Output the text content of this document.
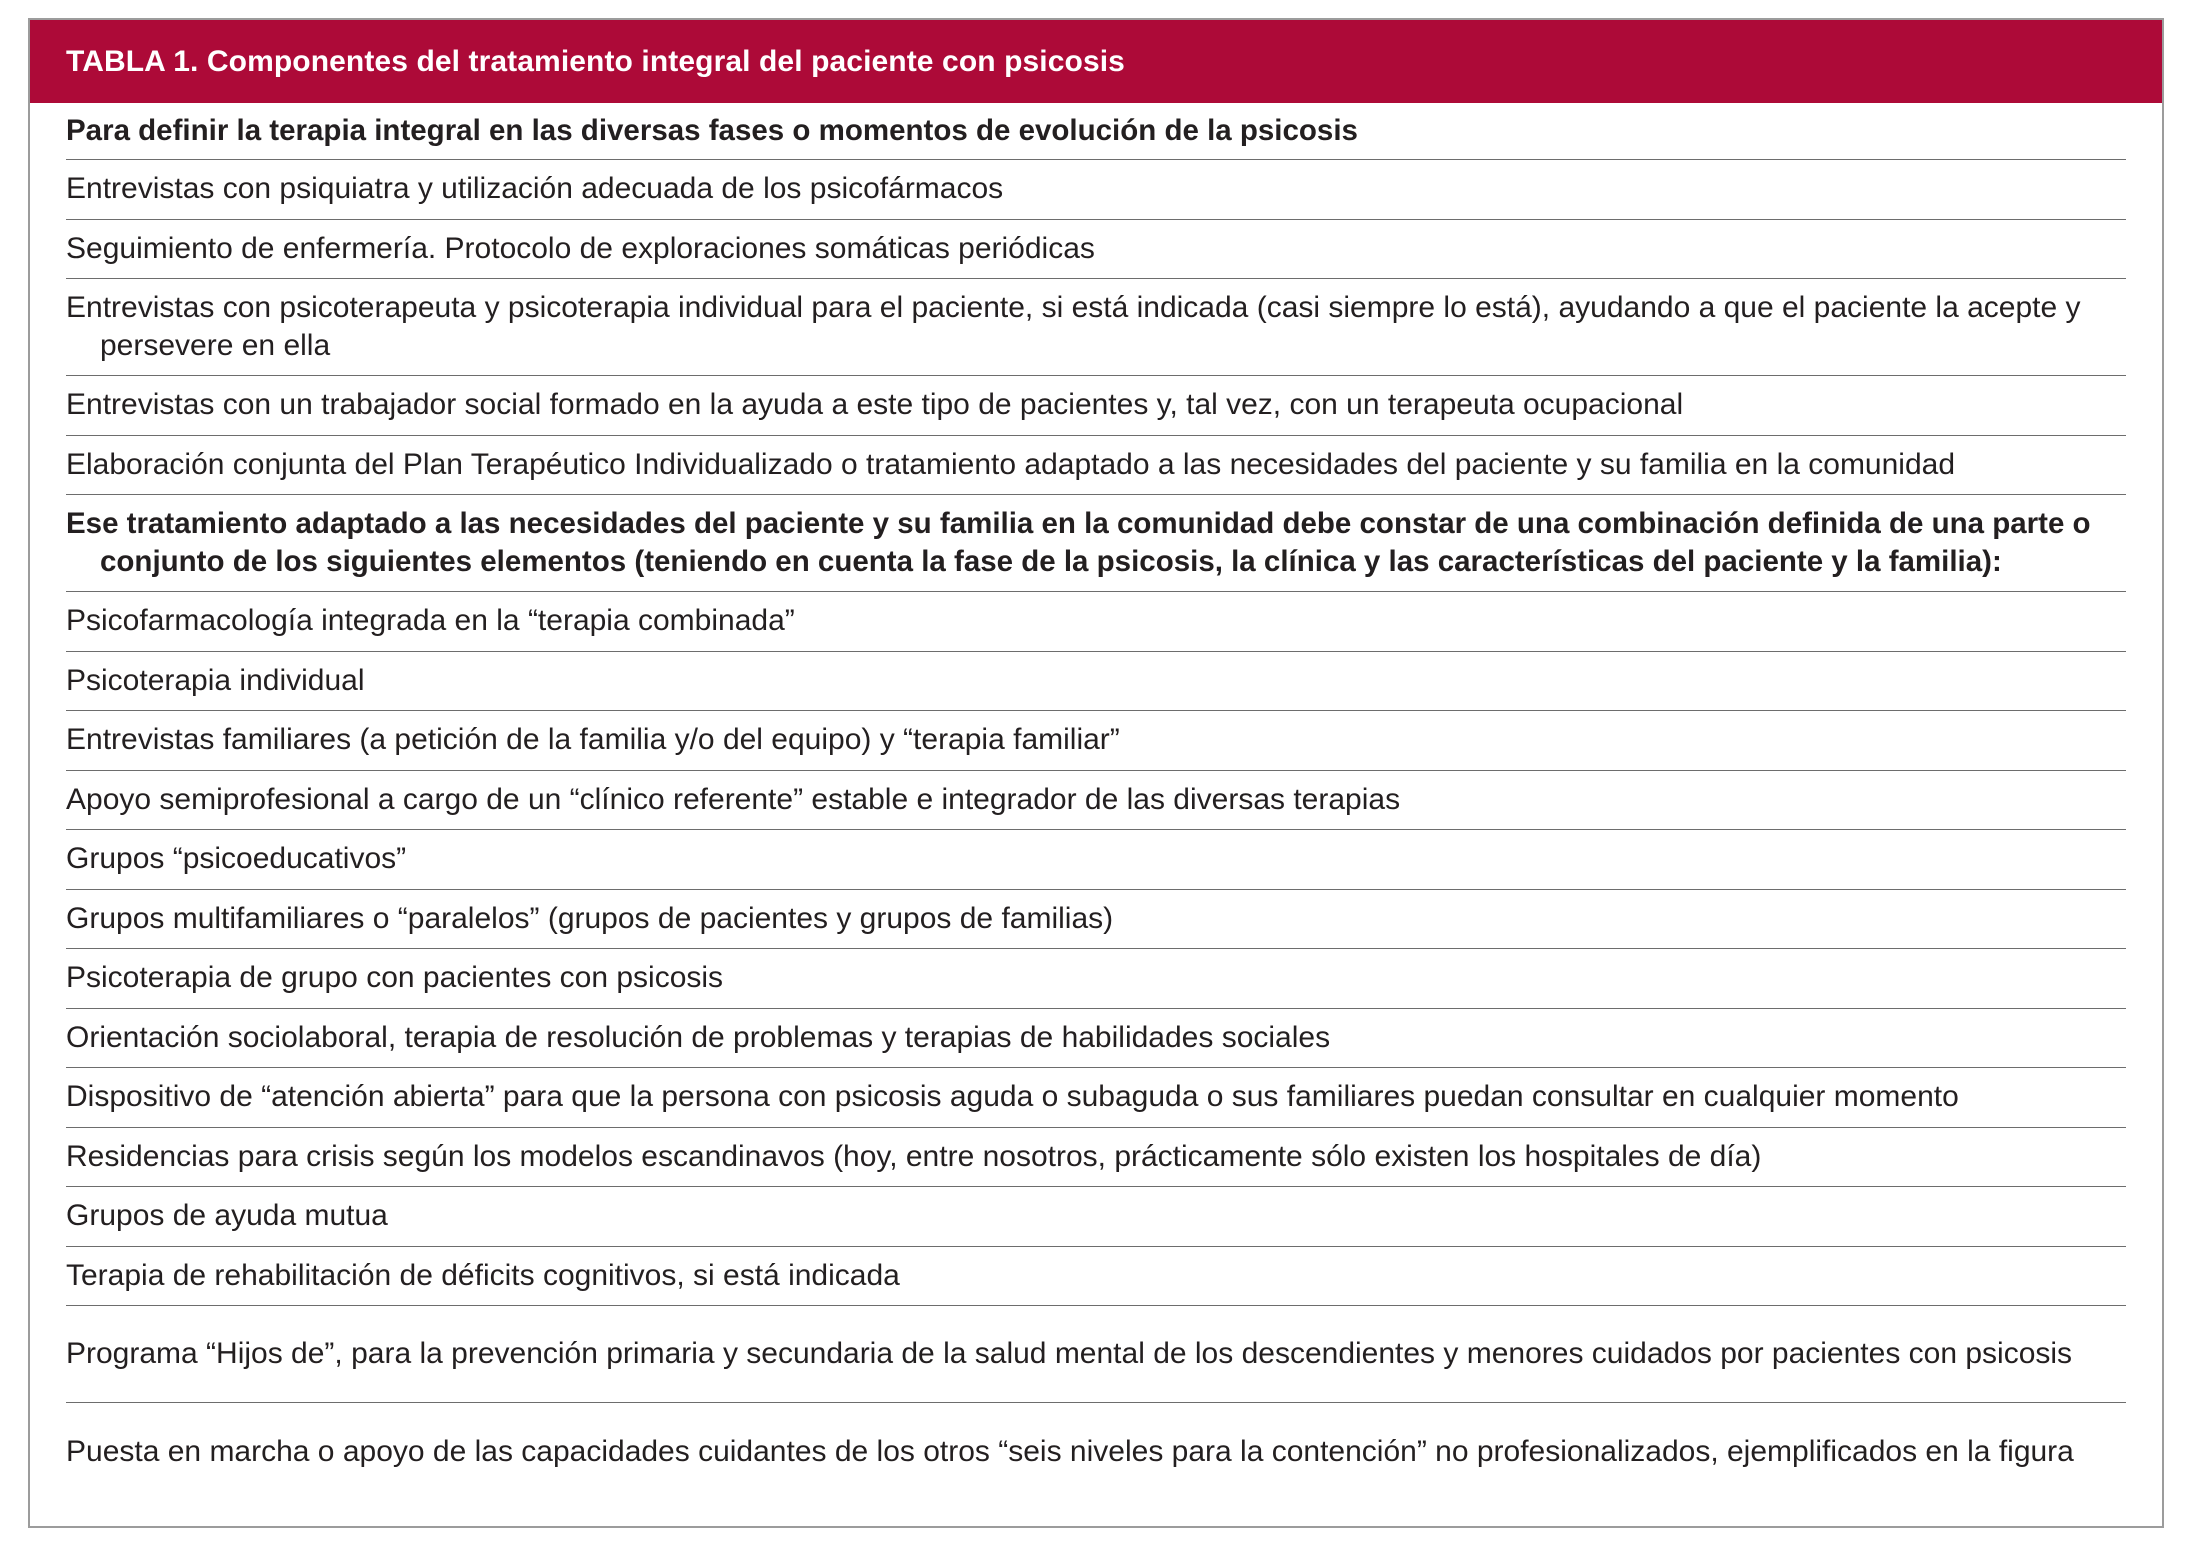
TABLA 1. Componentes del tratamiento integral del paciente con psicosis
Para definir la terapia integral en las diversas fases o momentos de evolución de la psicosis
Entrevistas con psiquiatra y utilización adecuada de los psicofármacos
Seguimiento de enfermería. Protocolo de exploraciones somáticas periódicas
Entrevistas con psicoterapeuta y psicoterapia individual para el paciente, si está indicada (casi siempre lo está), ayudando a que el paciente la acepte y persevere en ella
Entrevistas con un trabajador social formado en la ayuda a este tipo de pacientes y, tal vez, con un terapeuta ocupacional
Elaboración conjunta del Plan Terapéutico Individualizado o tratamiento adaptado a las necesidades del paciente y su familia en la comunidad
Ese tratamiento adaptado a las necesidades del paciente y su familia en la comunidad debe constar de una combinación definida de una parte o conjunto de los siguientes elementos (teniendo en cuenta la fase de la psicosis, la clínica y las características del paciente y la familia):
Psicofarmacología integrada en la “terapia combinada”
Psicoterapia individual
Entrevistas familiares (a petición de la familia y/o del equipo) y “terapia familiar”
Apoyo semiprofesional a cargo de un “clínico referente” estable e integrador de las diversas terapias
Grupos “psicoeducativos”
Grupos multifamiliares o “paralelos” (grupos de pacientes y grupos de familias)
Psicoterapia de grupo con pacientes con psicosis
Orientación sociolaboral, terapia de resolución de problemas y terapias de habilidades sociales
Dispositivo de “atención abierta” para que la persona con psicosis aguda o subaguda o sus familiares puedan consultar en cualquier momento
Residencias para crisis según los modelos escandinavos (hoy, entre nosotros, prácticamente sólo existen los hospitales de día)
Grupos de ayuda mutua
Terapia de rehabilitación de déficits cognitivos, si está indicada
Programa “Hijos de”, para la prevención primaria y secundaria de la salud mental de los descendientes y menores cuidados por pacientes con psicosis
Puesta en marcha o apoyo de las capacidades cuidantes de los otros “seis niveles para la contención” no profesionalizados, ejemplificados en la figura
